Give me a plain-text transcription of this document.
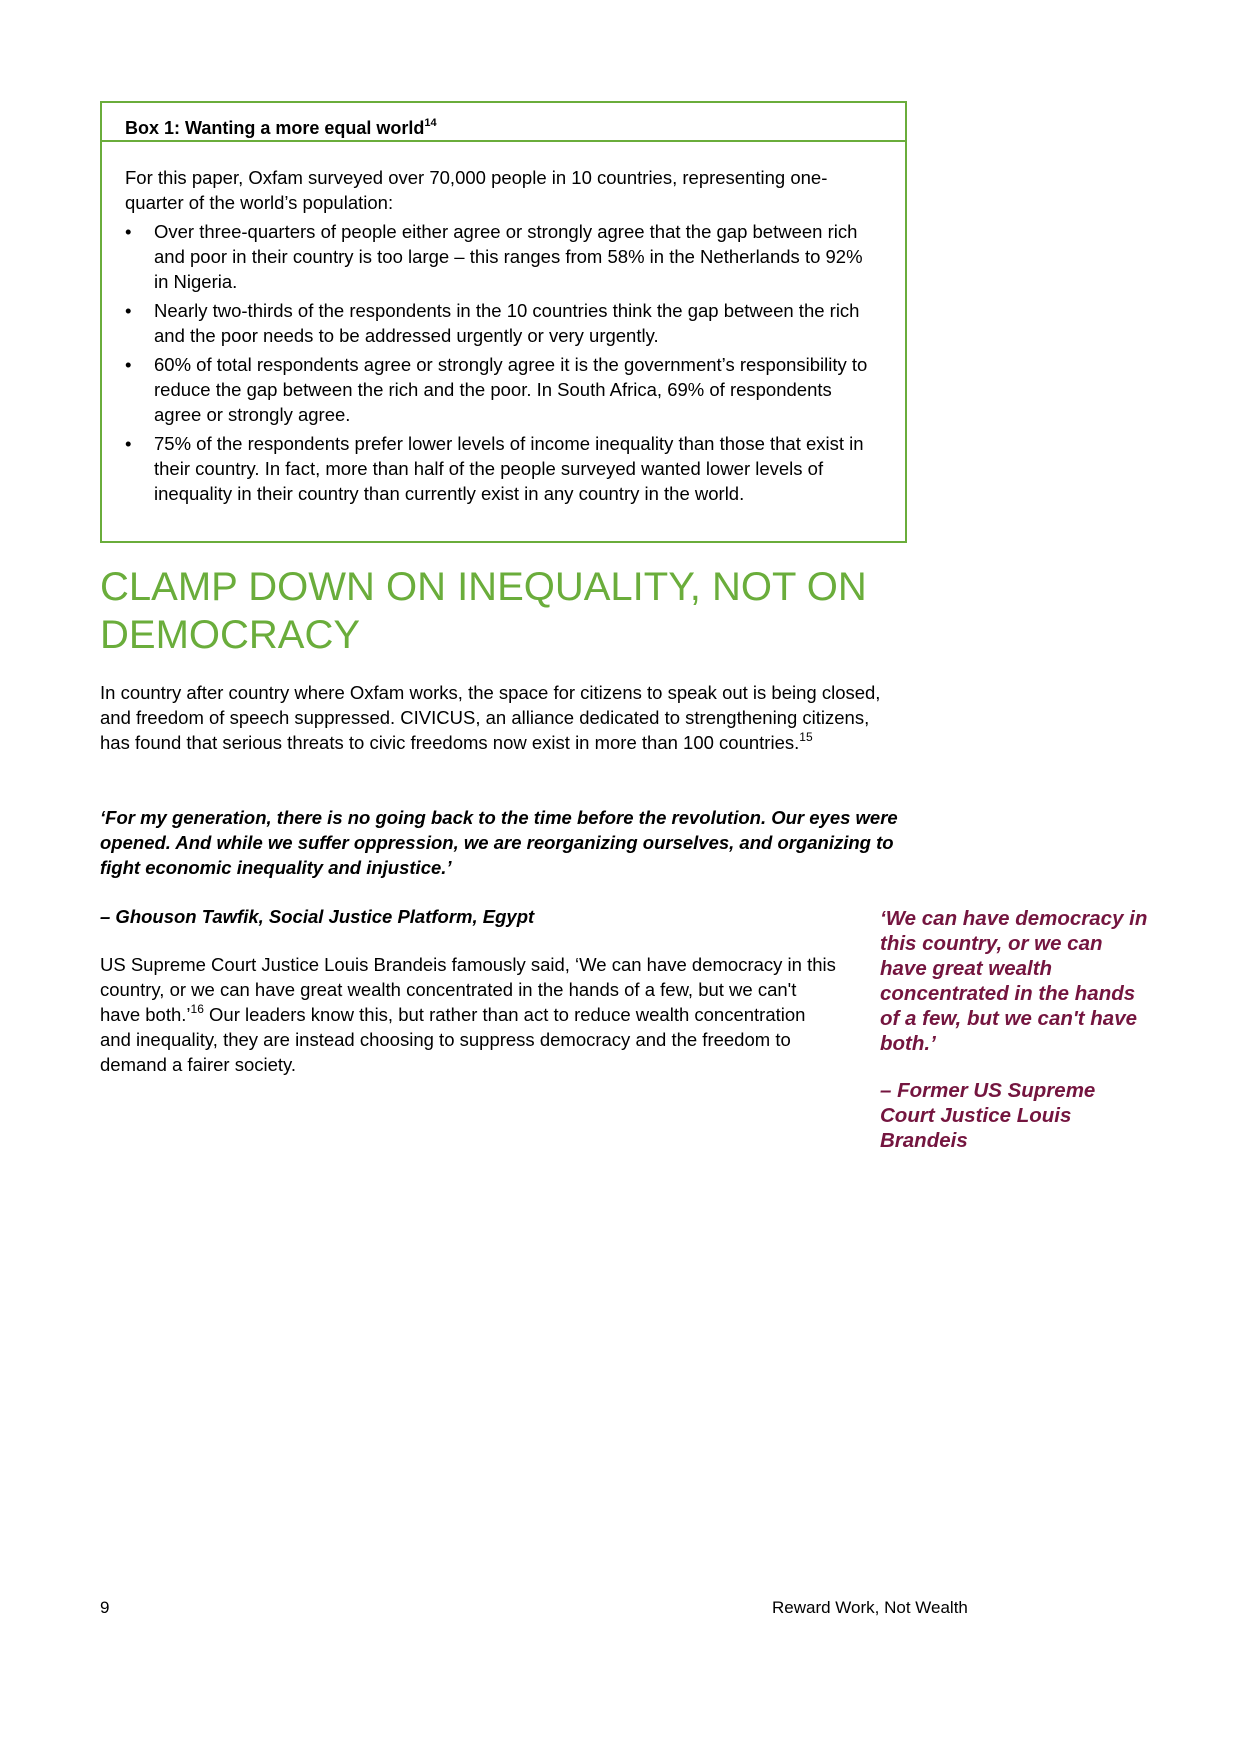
Box 1: Wanting a more equal world$^{14}$

For this paper, Oxfam surveyed over 70,000 people in 10 countries, representing one-quarter of the world’s population:

• Over three-quarters of people either agree or strongly agree that the gap between rich and poor in their country is too large – this ranges from 58% in the Netherlands to 92% in Nigeria.
• Nearly two-thirds of the respondents in the 10 countries think the gap between the rich and the poor needs to be addressed urgently or very urgently.
• 60% of total respondents agree or strongly agree it is the government’s responsibility to reduce the gap between the rich and the poor. In South Africa, 69% of respondents agree or strongly agree.
• 75% of the respondents prefer lower levels of income inequality than those that exist in their country. In fact, more than half of the people surveyed wanted lower levels of inequality in their country than currently exist in any country in the world.
CLAMP DOWN ON INEQUALITY, NOT ON DEMOCRACY

In country after country where Oxfam works, the space for citizens to speak out is being closed, and freedom of speech suppressed. CIVICUS, an alliance dedicated to strengthening citizens, has found that serious threats to civic freedoms now exist in more than 100 countries.$^{15}$

‘For my generation, there is no going back to the time before the revolution. Our eyes were opened. And while we suffer oppression, we are reorganizing ourselves, and organizing to fight economic inequality and injustice.’

– Ghouson Tawfik, Social Justice Platform, Egypt

US Supreme Court Justice Louis Brandeis famously said, ‘We can have democracy in this country, or we can have great wealth concentrated in the hands of a few, but we can't have both.’$^{16}$ Our leaders know this, but rather than act to reduce wealth concentration and inequality, they are instead choosing to suppress democracy and the freedom to demand a fairer society.

‘We can have democracy in this country, or we can have great wealth concentrated in the hands of a few, but we can't have both.’

– Former US Supreme Court Justice Louis Brandeis

9	Reward Work, Not Wealth
